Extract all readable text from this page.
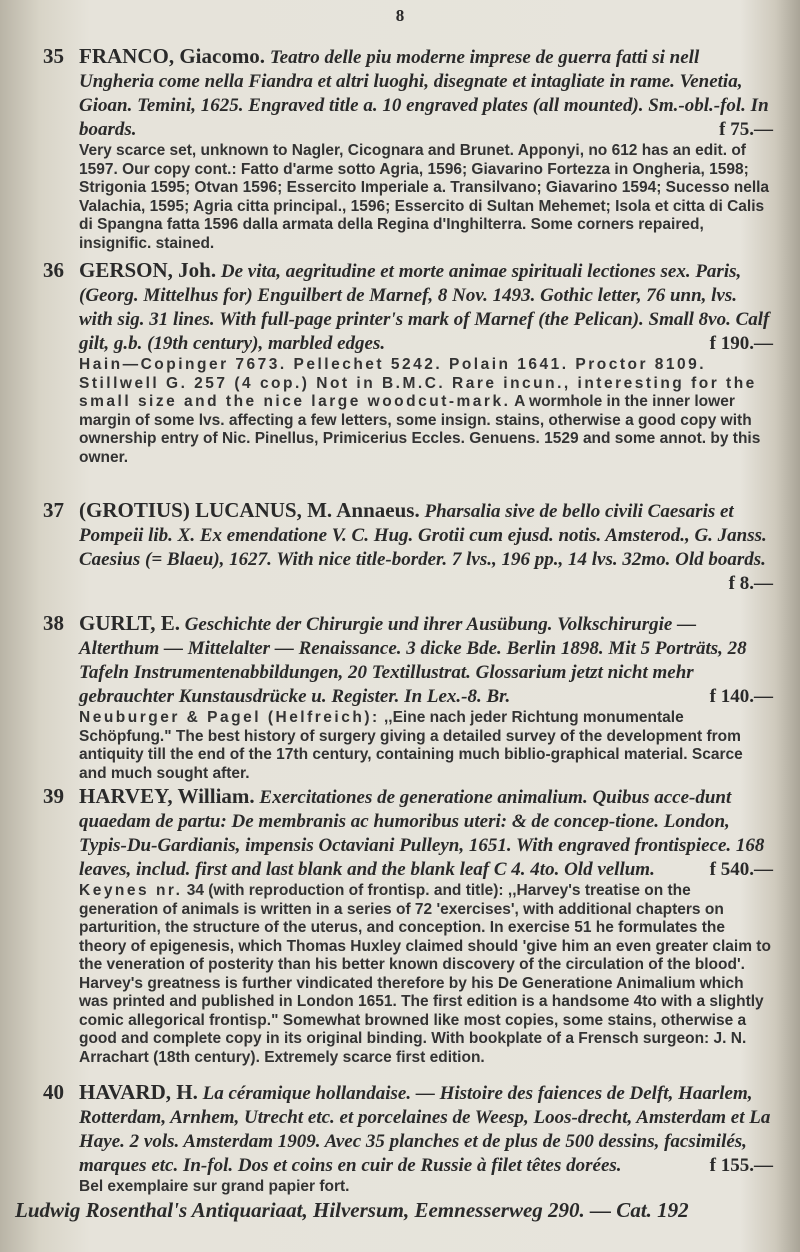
8
35 FRANCO, Giacomo. Teatro delle piu moderne imprese de guerra fatti si nell Ungheria come nella Fiandra et altri luoghi, disegnate et intagliate in rame. Venetia, Gioan. Temini, 1625. Engraved title a. 10 engraved plates (all mounted). Sm.-obl.-fol. In boards.	f 75.—
Very scarce set, unknown to Nagler, Cicognara and Brunet. Apponyi, no 612 has an edit. of 1597. Our copy cont.: Fatto d'arme sotto Agria, 1596; Giavarino Fortezza in Ongheria, 1598; Strigonia 1595; Otvan 1596; Essercito Imperiale a. Transilvano; Giavarino 1594; Sucesso nella Valachia, 1595; Agria citta principal., 1596; Essercito di Sultan Mehemet; Isola et citta di Calis di Spangna fatta 1596 dalla armata della Regina d'Inghilterra. Some corners repaired, insignific. stained.
36 GERSON, Joh. De vita, aegritudine et morte animae spirituali lectiones sex. Paris, (Georg. Mittelhus for) Enguilbert de Marnef, 8 Nov. 1493. Gothic letter, 76 unn, lvs. with sig. 31 lines. With full-page printer's mark of Marnef (the Pelican). Small 8vo. Calf gilt, g.b. (19th century), marbled edges.	f 190.—
Hain—Copinger 7673. Pellechet 5242. Polain 1641. Proctor 8109. Stillwell G. 257 (4 cop.) Not in B.M.C. Rare incun., interesting for the small size and the nice large woodcut-mark. A wormhole in the inner lower margin of some lvs. affecting a few letters, some insign. stains, otherwise a good copy with ownership entry of Nic. Pinellus, Primicerius Eccles. Genuens. 1529 and some annot. by this owner.
37 (GROTIUS) LUCANUS, M. Annaeus. Pharsalia sive de bello civili Caesaris et Pompeii lib. X. Ex emendatione V. C. Hug. Grotii cum ejusd. notis. Amsterod., G. Janss. Caesius (= Blaeu), 1627. With nice title-border. 7 lvs., 196 pp., 14 lvs. 32mo. Old boards.
f 8.—
38 GURLT, E. Geschichte der Chirurgie und ihrer Ausübung. Volkschirurgie — Alterthum — Mittelalter — Renaissance. 3 dicke Bde. Berlin 1898. Mit 5 Porträts, 28 Tafeln Instrumentenabbildungen, 20 Textillustrat. Glossarium jetzt nicht mehr gebrauchter Kunstausdrücke u. Register. In Lex.-8. Br.	f 140.—
Neuburger & Pagel (Helfreich): ,,Eine nach jeder Richtung monumentale Schöpfung." The best history of surgery giving a detailed survey of the development from antiquity till the end of the 17th century, containing much biblio-graphical material. Scarce and much sought after.
39 HARVEY, William. Exercitationes de generatione animalium. Quibus acce-dunt quaedam de partu: De membranis ac humoribus uteri: & de concep-tione. London, Typis-Du-Gardianis, impensis Octaviani Pulleyn, 1651. With engraved frontispiece. 168 leaves, includ. first and last blank and the blank leaf C 4. 4to. Old vellum.	f 540.—
Keynes nr. 34 (with reproduction of frontisp. and title): ,,Harvey's treatise on the generation of animals is written in a series of 72 'exercises', with additional chapters on parturition, the structure of the uterus, and conception. In exercise 51 he formulates the theory of epigenesis, which Thomas Huxley claimed should 'give him an even greater claim to the veneration of posterity than his better known discovery of the circulation of the blood'. Harvey's greatness is further vindicated therefore by his De Generatione Animalium which was printed and published in London 1651. The first edition is a handsome 4to with a slightly comic allegorical frontisp." Somewhat browned like most copies, some stains, otherwise a good and complete copy in its original binding. With bookplate of a Frensch surgeon: J. N. Arrachart (18th century). Extremely scarce first edition.
40 HAVARD, H. La céramique hollandaise. — Histoire des faiences de Delft, Haarlem, Rotterdam, Arnhem, Utrecht etc. et porcelaines de Weesp, Loos-drecht, Amsterdam et La Haye. 2 vols. Amsterdam 1909. Avec 35 planches et de plus de 500 dessins, facsimilés, marques etc. In-fol. Dos et coins en cuir de Russie à filet têtes dorées.	f 155.—
Bel exemplaire sur grand papier fort.
Ludwig Rosenthal's Antiquariaat, Hilversum, Eemnesserweg 290. — Cat. 192
